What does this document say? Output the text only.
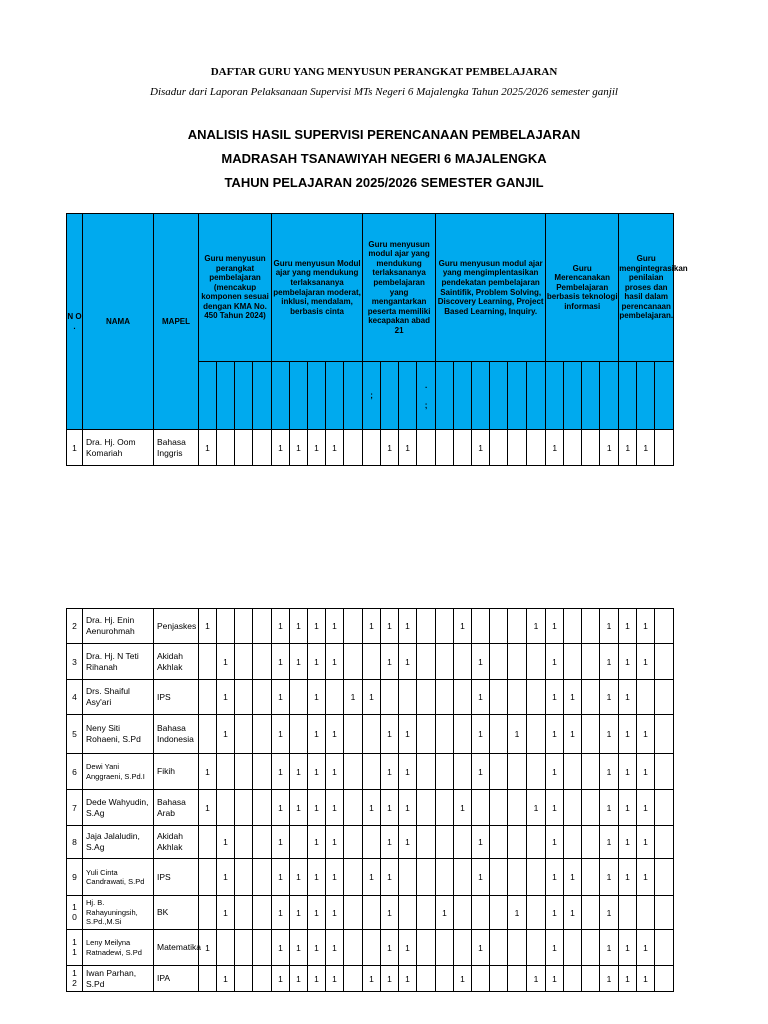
DAFTAR GURU YANG MENYUSUN PERANGKAT PEMBELAJARAN
Disadur dari Laporan Pelaksanaan Supervisi MTs Negeri 6 Majalengka Tahun 2025/2026 semester ganjil
ANALISIS HASIL SUPERVISI PERENCANAAN PEMBELAJARAN
MADRASAH TSANAWIYAH NEGERI 6 MAJALENGKA
TAHUN PELAJARAN 2025/2026 SEMESTER GANJIL
N O .	NAMA	MAPEL	Guru menyusun perangkat pembelajaran (mencakup komponen sesuai dengan KMA No. 450 Tahun 2024)				Guru menyusun Modul ajar yang mendukung terlaksananya pembelajaran moderat, inklusi, mendalam, berbasis cinta					Guru menyusun modul ajar yang mendukung terlaksananya pembelajaran yang mengantarkan peserta memiliki kecapakan abad 21				Guru menyusun modul ajar yang mengimplentasikan pendekatan pembelajaran Saintifik, Problem Solving, Discovery Learning, Project Based Learning, Inquiry.						Guru Merencanakan Pembelajaran berbasis teknologi informasi				Guru mengintegrasikan penilaian proses dan hasil dalam perencanaan pembelajaran.		
												;			.
;													

1	Dra. Hj. Oom Komariah	Bahasa Inggris	1				1	1	1	1			1	1				1				1			1	1	1	
2	Dra. Hj. Enin Aenurohmah	Penjaskes	1				1	1	1	1		1	1	1			1				1	1			1	1	1	
3	Dra. Hj. N Teti Rihanah	Akidah Akhlak		1			1	1	1	1			1	1				1				1			1	1	1	
4	Drs. Shaiful Asy'ari	IPS		1			1		1		1	1						1				1	1		1	1		
5	Neny Siti Rohaeni, S.Pd	Bahasa Indonesia		1			1		1	1			1	1				1		1		1	1		1	1	1	
6	Dewi Yani Anggraeni, S.Pd.I	Fikih	1				1	1	1	1			1	1				1				1			1	1	1	
7	Dede Wahyudin, S.Ag	Bahasa Arab	1				1	1	1	1		1	1	1			1				1	1			1	1	1	
8	Jaja Jalaludin, S.Ag	Akidah Akhlak		1			1		1	1			1	1				1				1			1	1	1	
9	Yuli Cinta Candrawati, S.Pd	IPS		1			1	1	1	1		1	1					1				1	1		1	1	1	

1
0	Hj. B. Rahayuningsih, S.Pd.,M.Si	BK		1			1	1	1	1			1			1				1		1	1		1			

1
1	Leny Meilyna Ratnadewi, S.Pd	Matematika	1				1	1	1	1			1	1				1				1			1	1	1	

1
2	Iwan Parhan, S.Pd	IPA		1			1	1	1	1		1	1	1			1				1	1			1	1	1	
